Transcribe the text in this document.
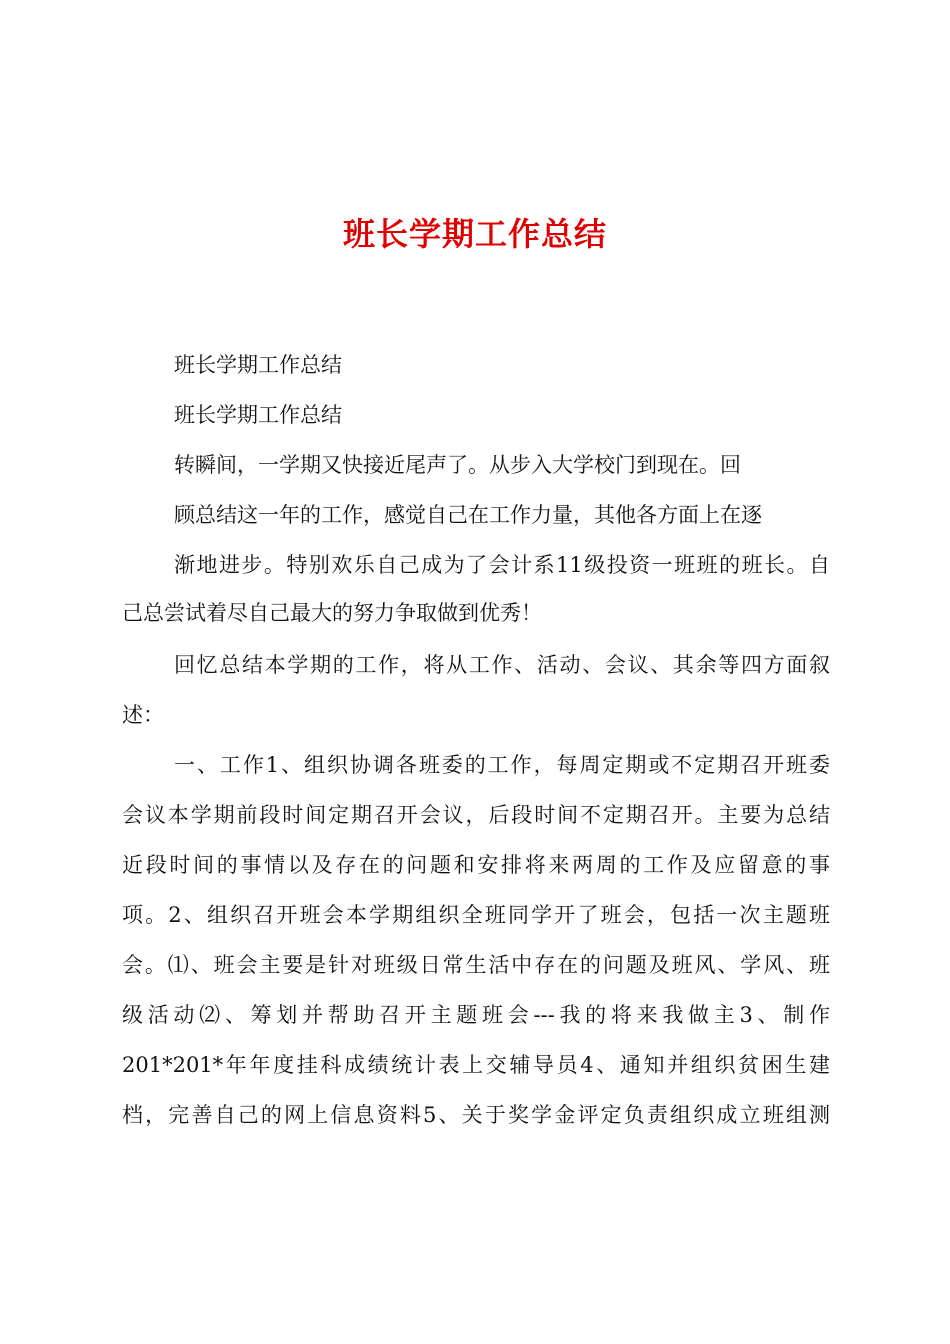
班长学期工作总结
班长学期工作总结
班长学期工作总结
转瞬间，一学期又快接近尾声了。从步入大学校门到现在。回
顾总结这一年的工作，感觉自己在工作力量，其他各方面上在逐
渐地进步。特别欢乐自己成为了会计系11级投资一班班的班长。自
己总尝试着尽自己最大的努力争取做到优秀！
回忆总结本学期的工作，将从工作、活动、会议、其余等四方面叙
述：
一、工作1、组织协调各班委的工作，每周定期或不定期召开班委
会议本学期前段时间定期召开会议，后段时间不定期召开。主要为总结
近段时间的事情以及存在的问题和安排将来两周的工作及应留意的事
项。2、组织召开班会本学期组织全班同学开了班会，包括一次主题班
会。⑴、班会主要是针对班级日常生活中存在的问题及班风、学风、班
级活动⑵、筹划并帮助召开主题班会---我的将来我做主3、制作
201*201*年年度挂科成绩统计表上交辅导员4、通知并组织贫困生建
档，完善自己的网上信息资料5、关于奖学金评定负责组织成立班组测
